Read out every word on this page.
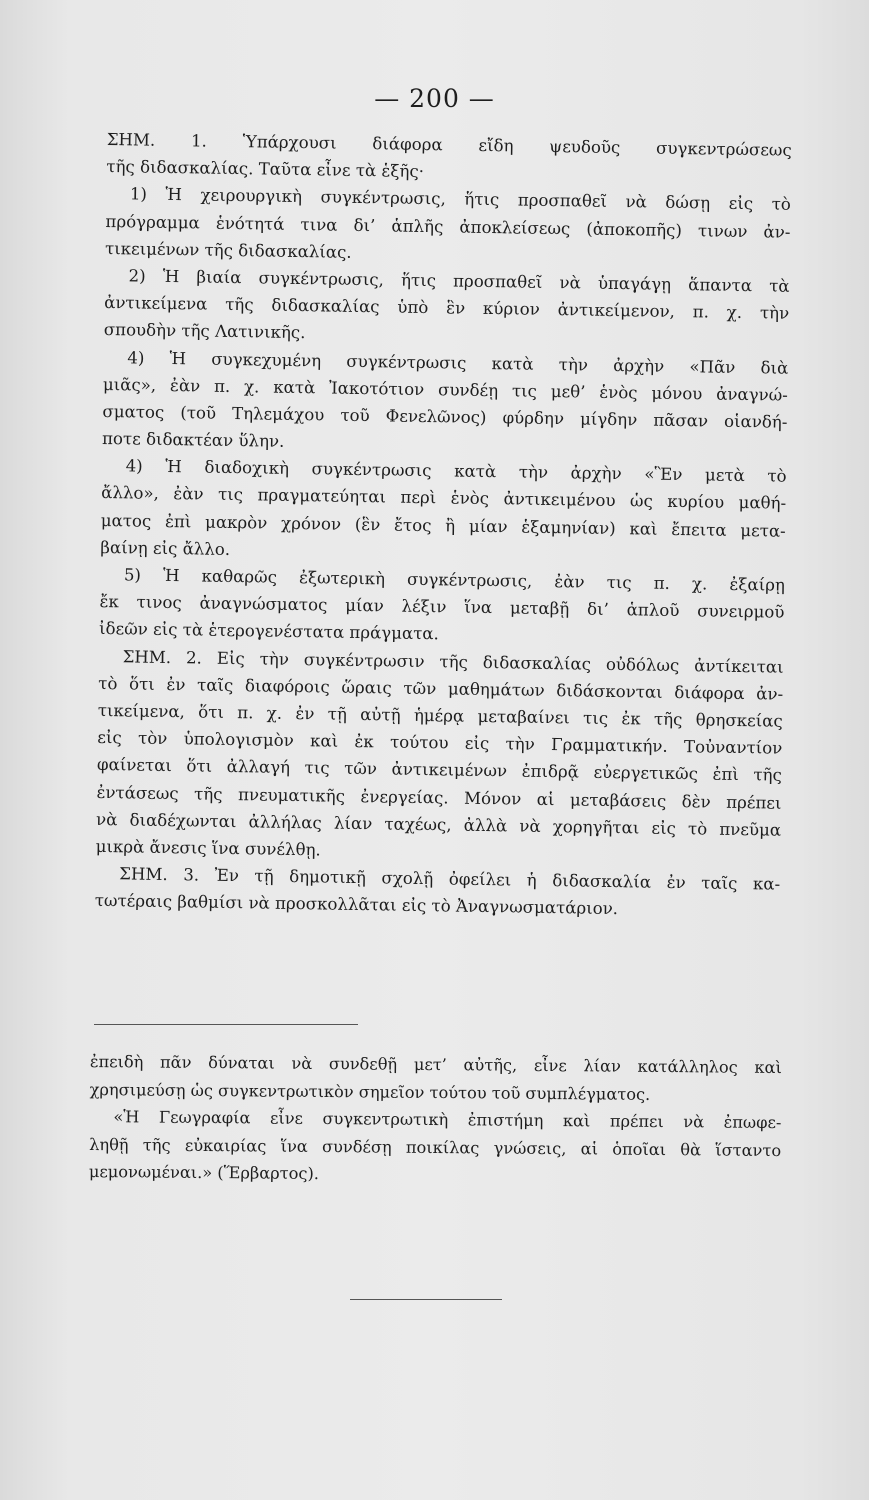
— 200 —
ΣΗΜ. 1. Ὑπάρχουσι διάφορα εἴδη ψευδοῦς συγκεντρώσεως
τῆς διδασκαλίας. Ταῦτα εἶνε τὰ ἑξῆς·
1) Ἡ χειρουργικὴ συγκέντρωσις, ἥτις προσπαθεῖ νὰ δώσῃ εἰς τὸ
πρόγραμμα ἑνότητά τινα δι’ ἁπλῆς ἀποκλείσεως (ἀποκοπῆς) τινων ἀν-
τικειμένων τῆς διδασκαλίας.
2) Ἡ βιαία συγκέντρωσις, ἥτις προσπαθεῖ νὰ ὑπαγάγῃ ἅπαντα τὰ
ἀντικείμενα τῆς διδασκαλίας ὑπὸ ἓν κύριον ἀντικείμενον, π. χ. τὴν
σπουδὴν τῆς Λατινικῆς.
4) Ἡ συγκεχυμένη συγκέντρωσις κατὰ τὴν ἀρχὴν «Πᾶν διὰ
μιᾶς», ἐὰν π. χ. κατὰ Ἰακοτότιον συνδέῃ τις μεθ’ ἑνὸς μόνου ἀναγνώ-
σματος (τοῦ Τηλεμάχου τοῦ Φενελῶνος) φύρδην μίγδην πᾶσαν οἱανδή-
ποτε διδακτέαν ὕλην.
4) Ἡ διαδοχικὴ συγκέντρωσις κατὰ τὴν ἀρχὴν «Ἓν μετὰ τὸ
ἄλλο», ἐὰν τις πραγματεύηται περὶ ἑνὸς ἀντικειμένου ὡς κυρίου μαθή-
ματος ἐπὶ μακρὸν χρόνον (ἓν ἔτος ἢ μίαν ἑξαμηνίαν) καὶ ἔπειτα μετα-
βαίνῃ εἰς ἄλλο.
5) Ἡ καθαρῶς ἐξωτερικὴ συγκέντρωσις, ἐὰν τις π. χ. ἐξαίρῃ
ἔκ τινος ἀναγνώσματος μίαν λέξιν ἵνα μεταβῇ δι’ ἁπλοῦ συνειρμοῦ
ἰδεῶν εἰς τὰ ἑτερογενέστατα πράγματα.
ΣΗΜ. 2. Εἰς τὴν συγκέντρωσιν τῆς διδασκαλίας οὐδόλως ἀντίκειται
τὸ ὅτι ἐν ταῖς διαφόροις ὥραις τῶν μαθημάτων διδάσκονται διάφορα ἀν-
τικείμενα, ὅτι π. χ. ἐν τῇ αὐτῇ ἡμέρᾳ μεταβαίνει τις ἐκ τῆς θρησκείας
εἰς τὸν ὑπολογισμὸν καὶ ἐκ τούτου εἰς τὴν Γραμματικήν. Τοὐναντίον
φαίνεται ὅτι ἀλλαγή τις τῶν ἀντικειμένων ἐπιδρᾷ εὐεργετικῶς ἐπὶ τῆς
ἐντάσεως τῆς πνευματικῆς ἐνεργείας. Μόνον αἱ μεταβάσεις δὲν πρέπει
νὰ διαδέχωνται ἀλλήλας λίαν ταχέως, ἀλλὰ νὰ χορηγῆται εἰς τὸ πνεῦμα
μικρὰ ἄνεσις ἵνα συνέλθῃ.
ΣΗΜ. 3. Ἐν τῇ δημοτικῇ σχολῇ ὀφείλει ἡ διδασκαλία ἐν ταῖς κα-
τωτέραις βαθμίσι νὰ προσκολλᾶται εἰς τὸ Ἀναγνωσματάριον.
ἐπειδὴ πᾶν δύναται νὰ συνδεθῇ μετ’ αὐτῆς, εἶνε λίαν κατάλληλος καὶ
χρησιμεύσῃ ὡς συγκεντρωτικὸν σημεῖον τούτου τοῦ συμπλέγματος.
«Ἡ Γεωγραφία εἶνε συγκεντρωτικὴ ἐπιστήμη καὶ πρέπει νὰ ἐπωφε-
ληθῇ τῆς εὐκαιρίας ἵνα συνδέσῃ ποικίλας γνώσεις, αἱ ὁποῖαι θὰ ἵσταντο
μεμονωμέναι.» (Ἕρβαρτος).
